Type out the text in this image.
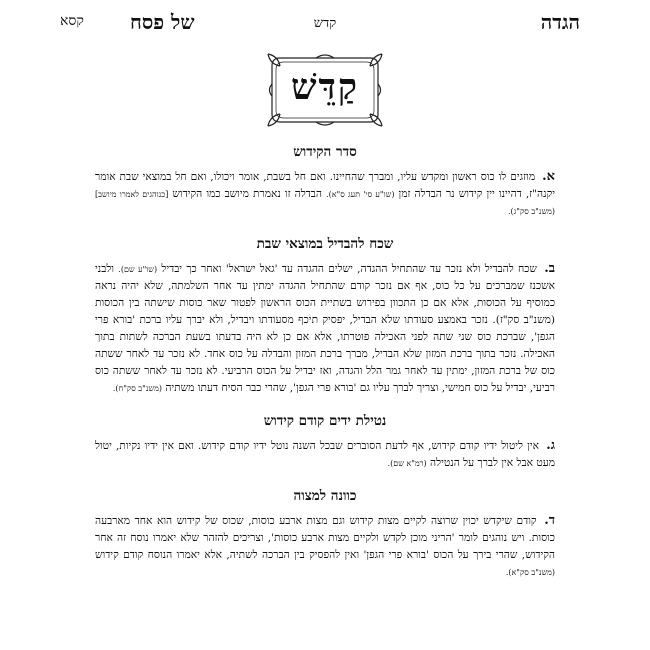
הגדה
קדש
של פסח
קסא
קַדֵּשׁ
סדר הקידוש

א. מוזגים לו כוס ראשון ומקדש עליו, ומברך שהחיינו. ואם חל בשבת, אומר ויכולו, ואם חל במוצאי שבת אומר יקנה"ז, דהיינו יין קידוש נר הבדלה זמן (שו"ע סי' תעג ס"א). הבדלה זו נאמרת מיושב כמו הקידוש [כנוהגים לאמרו מיושב] (משנ"ב סק"ג).

שכח להבדיל במוצאי שבת

ב. שכח להבדיל ולא נזכר עד שהתחיל ההגדה, ישלים ההגדה עד 'גאל ישראל' ואחר כך יבדיל (שו"ע שם). ולבני אשכנז שמברכים על כל כוס, אף אם נזכר קודם שהתחיל ההגדה ימתין עד אחר השלמתה, שלא יהיה נראה כמוסיף על הכוסות, אלא אם כן התכוון בפירוש בשתיית הכוס הראשון לפטור שאר כוסות שישתה בין הכוסות (משנ"ב סק"ז). נזכר באמצע סעודתו שלא הבדיל, יפסיק תיכף מסעודתו ויבדיל, ולא יברך עליו ברכת 'בורא פרי הגפן', שברכת כוס שני שתה לפני האכילה פוטרתו, אלא אם כן לא היה בדעתו בשעת הברכה לשתות בתוך האכילה. נזכר בתוך ברכת המזון שלא הבדיל, מברך ברכת המזון והבדלה על כוס אחד. לא נזכר עד לאחר ששתה כוס של ברכת המזון, ימתין עד לאחר גמר הלל והגדה, ואז יבדיל על הכוס הרביעי. לא נזכר עד לאחר ששתה כוס רביעי, יבדיל על כוס חמישי, וצריך לברך עליו גם 'בורא פרי הגפן', שהרי כבר הסיח דעתו משתיה (משנ"ב סק"ח).

נטילת ידים קודם קידוש

ג. אין ליטול ידיו קודם קידוש, אף לדעת הסוברים שבכל השנה נוטל ידיו קודם קידוש. ואם אין ידיו נקיות, יטול מעט אבל אין לברך על הנטילה (רמ"א שם).

כוונה למצוה

ד. קודם שיקדש יכוין שרוצה לקיים מצות קידוש וגם מצות ארבע כוסות, שכוס של קידוש הוא אחד מארבעה כוסות. ויש נוהגים לומר 'הריני מוכן לקדש ולקיים מצות ארבע כוסות', וצריכים להזהר שלא יאמרו נוסח זה אחר הקידוש, שהרי בירך על הכוס 'בורא פרי הגפן' ואין להפסיק בין הברכה לשתיה, אלא יאמרו הנוסח קודם קידוש (משנ"ב סק"א).
